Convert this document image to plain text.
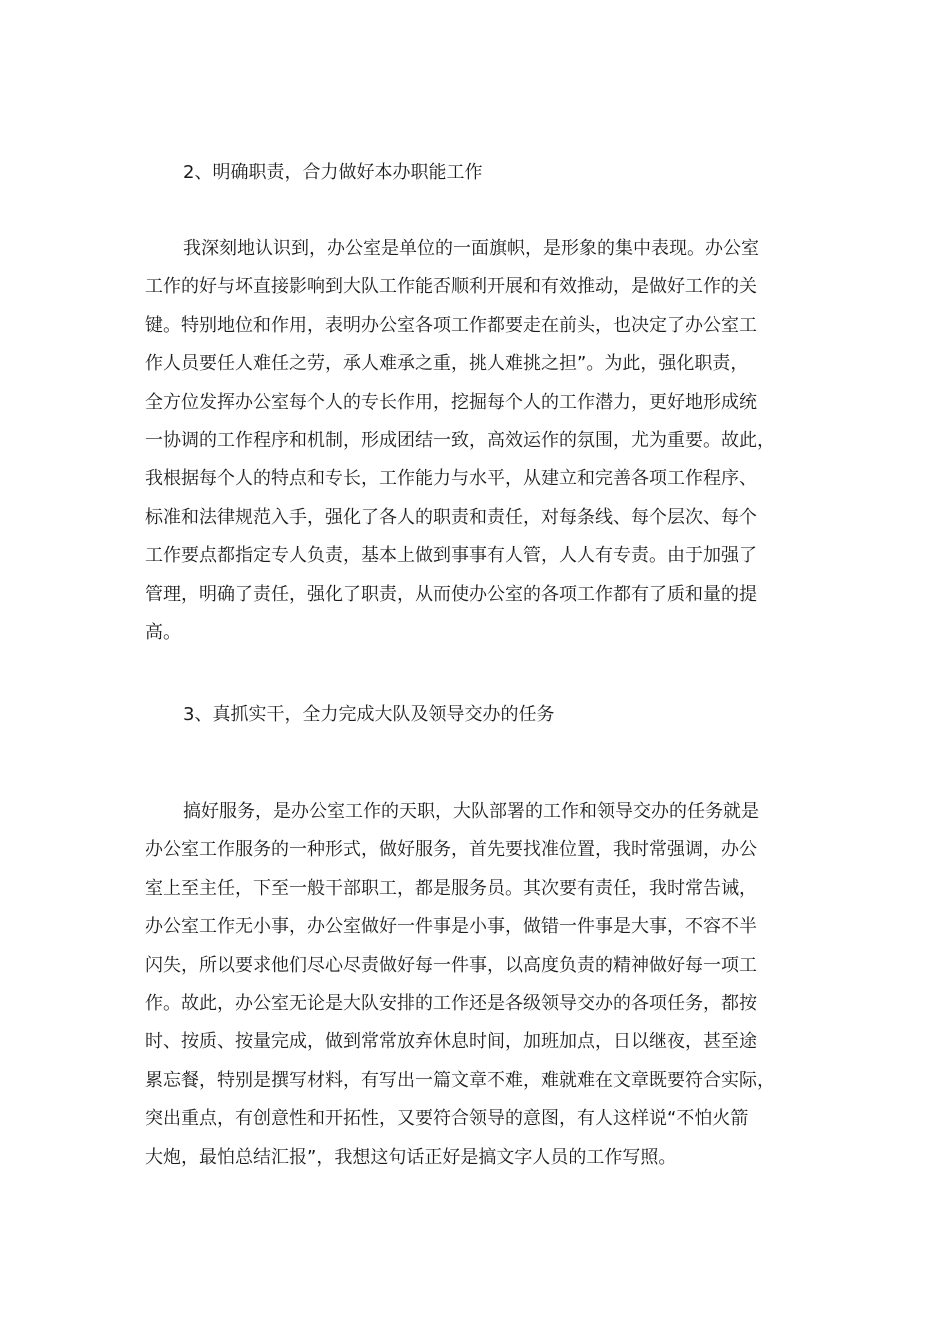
2、明确职责，合力做好本办职能工作
我深刻地认识到，办公室是单位的一面旗帜，是形象的集中表现。办公室
工作的好与坏直接影响到大队工作能否顺利开展和有效推动，是做好工作的关
键。特别地位和作用，表明办公室各项工作都要走在前头，也决定了办公室工
作人员要任人难任之劳，承人难承之重，挑人难挑之担”。为此，强化职责，
全方位发挥办公室每个人的专长作用，挖掘每个人的工作潜力，更好地形成统
一协调的工作程序和机制，形成团结一致，高效运作的氛围，尤为重要。故此，
我根据每个人的特点和专长，工作能力与水平，从建立和完善各项工作程序、
标准和法律规范入手，强化了各人的职责和责任，对每条线、每个层次、每个
工作要点都指定专人负责，基本上做到事事有人管，人人有专责。由于加强了
管理，明确了责任，强化了职责，从而使办公室的各项工作都有了质和量的提
高。
3、真抓实干，全力完成大队及领导交办的任务
搞好服务，是办公室工作的天职，大队部署的工作和领导交办的任务就是
办公室工作服务的一种形式，做好服务，首先要找准位置，我时常强调，办公
室上至主任，下至一般干部职工，都是服务员。其次要有责任，我时常告诫，
办公室工作无小事，办公室做好一件事是小事，做错一件事是大事，不容不半
闪失，所以要求他们尽心尽责做好每一件事，以高度负责的精神做好每一项工
作。故此，办公室无论是大队安排的工作还是各级领导交办的各项任务，都按
时、按质、按量完成，做到常常放弃休息时间，加班加点，日以继夜，甚至途
累忘餐，特别是撰写材料，有写出一篇文章不难，难就难在文章既要符合实际，
突出重点，有创意性和开拓性，又要符合领导的意图，有人这样说“不怕火箭
大炮，最怕总结汇报”，我想这句话正好是搞文字人员的工作写照。
